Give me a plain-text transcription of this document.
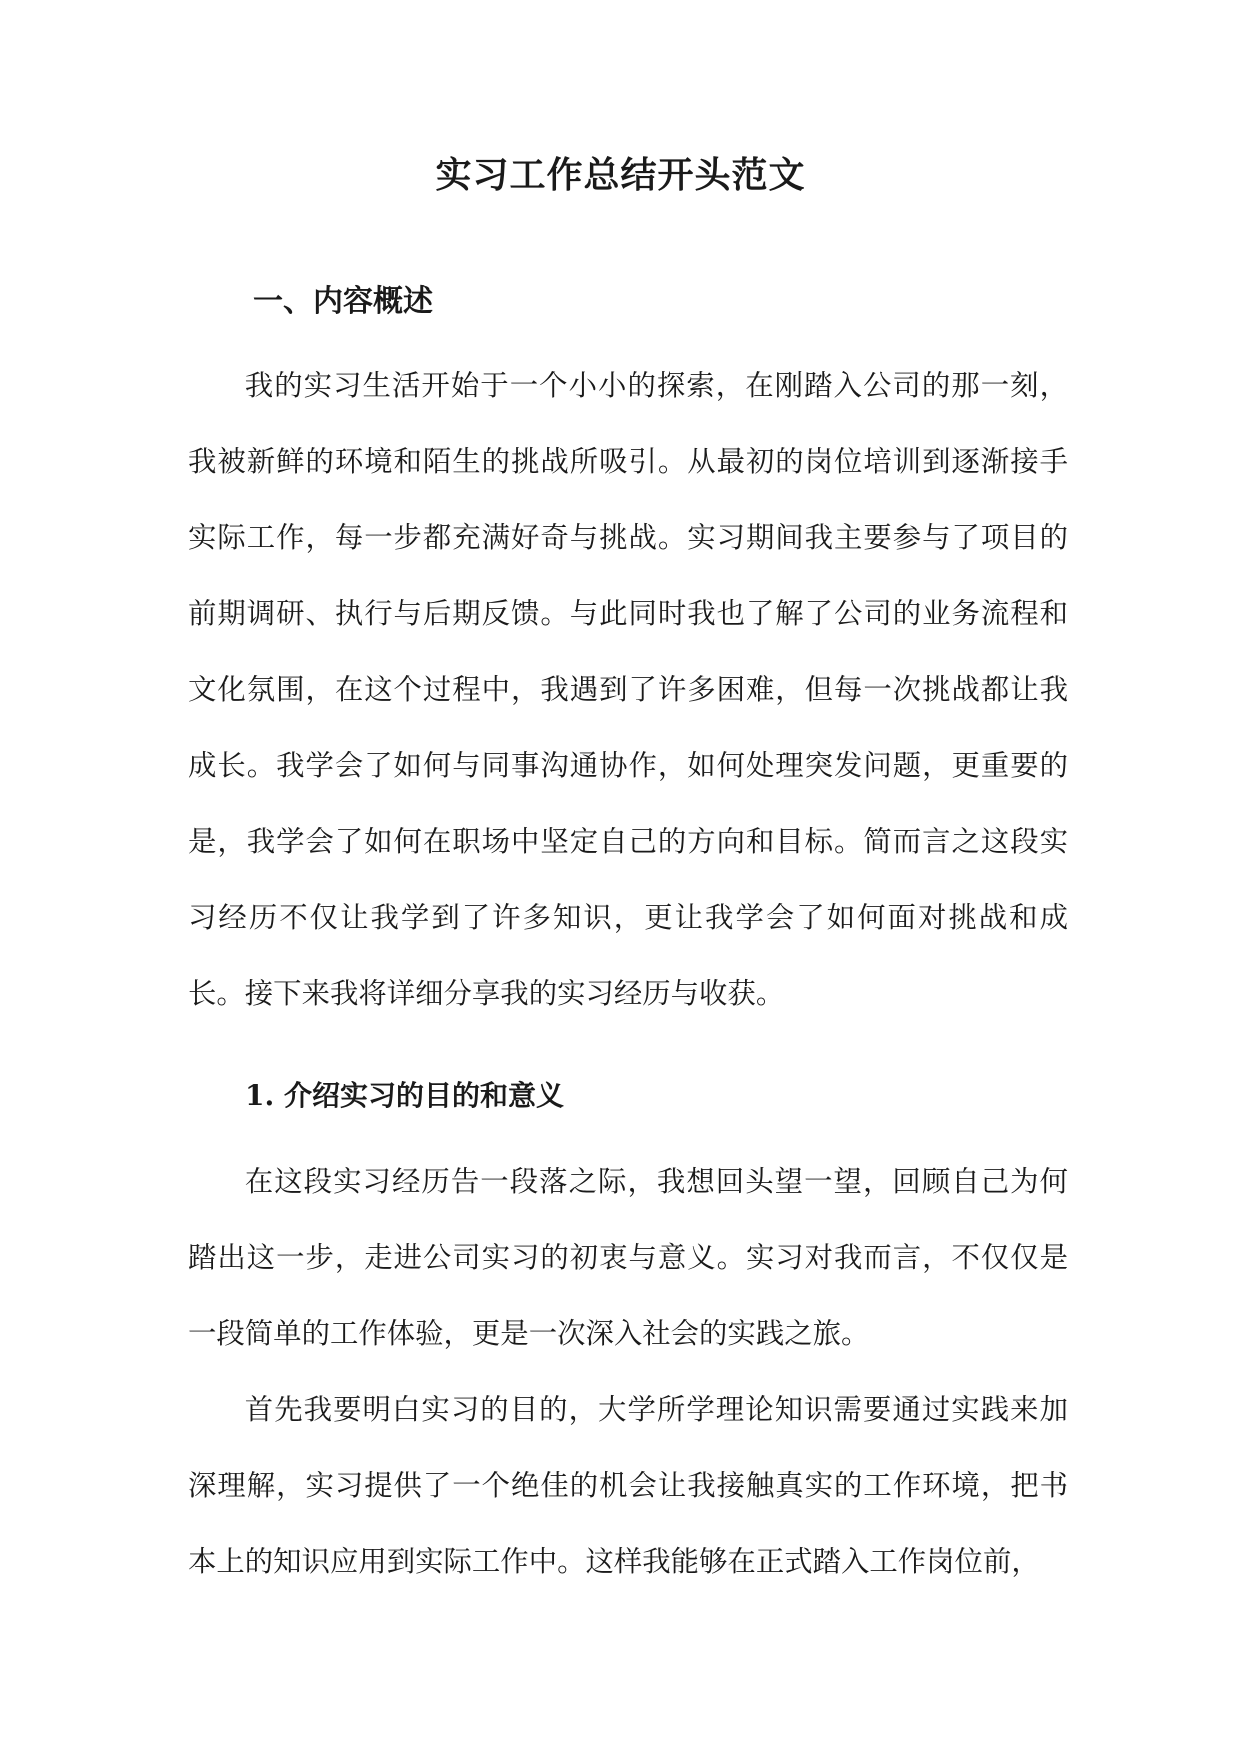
实习工作总结开头范文
一、内容概述

我的实习生活开始于一个小小的探索，在刚踏入公司的那一刻，我被新鲜的环境和陌生的挑战所吸引。从最初的岗位培训到逐渐接手实际工作，每一步都充满好奇与挑战。实习期间我主要参与了项目的前期调研、执行与后期反馈。与此同时我也了解了公司的业务流程和文化氛围，在这个过程中，我遇到了许多困难，但每一次挑战都让我成长。我学会了如何与同事沟通协作，如何处理突发问题，更重要的是，我学会了如何在职场中坚定自己的方向和目标。简而言之这段实习经历不仅让我学到了许多知识，更让我学会了如何面对挑战和成长。接下来我将详细分享我的实习经历与收获。

1. 介绍实习的目的和意义

在这段实习经历告一段落之际，我想回头望一望，回顾自己为何踏出这一步，走进公司实习的初衷与意义。实习对我而言，不仅仅是一段简单的工作体验，更是一次深入社会的实践之旅。

首先我要明白实习的目的，大学所学理论知识需要通过实践来加深理解，实习提供了一个绝佳的机会让我接触真实的工作环境，把书本上的知识应用到实际工作中。这样我能够在正式踏入工作岗位前，
